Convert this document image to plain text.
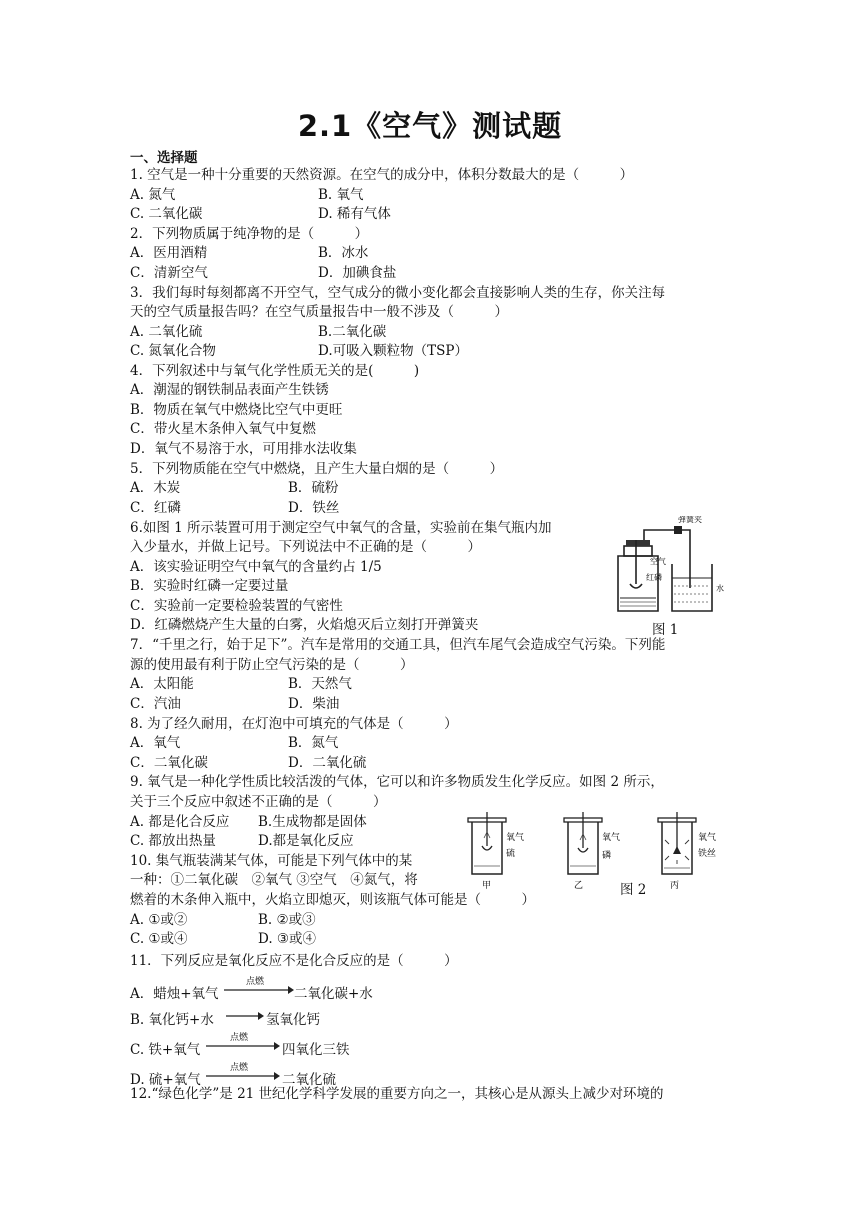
2.1《空气》测试题
一、选择题
1. 空气是一种十分重要的天然资源。在空气的成分中，体积分数最大的是（　　　）
A. 氮气	B. 氧气
C. 二氧化碳	D. 稀有气体
2．下列物质属于纯净物的是（　　　）
A．医用酒精	B．冰水
C．清新空气	D．加碘食盐
3．我们每时每刻都离不开空气，空气成分的微小变化都会直接影响人类的生存，你关注每
天的空气质量报告吗？在空气质量报告中一般不涉及（　　　）
A. 二氧化硫	B.二氧化碳
C. 氮氧化合物	D.可吸入颗粒物（TSP）
4．下列叙述中与氧气化学性质无关的是(　　　)
A．潮湿的钢铁制品表面产生铁锈
B．物质在氧气中燃烧比空气中更旺
C．带火星木条伸入氧气中复燃
D．氧气不易溶于水，可用排水法收集
5．下列物质能在空气中燃烧，且产生大量白烟的是（　　　）
A．木炭	B．硫粉
C．红磷	D．铁丝
6.如图 1 所示装置可用于测定空气中氧气的含量，实验前在集气瓶内加
入少量水，并做上记号。下列说法中不正确的是（　　　）
A．该实验证明空气中氧气的含量约占 1/5
B．实验时红磷一定要过量
C．实验前一定要检验装置的气密性
D．红磷燃烧产生大量的白雾，火焰熄灭后立刻打开弹簧夹
弹簧夹
空气
红磷
水
图 1
7．“千里之行，始于足下”。汽车是常用的交通工具，但汽车尾气会造成空气污染。下列能
源的使用最有利于防止空气污染的是（　　　）
A．太阳能	B．天然气
C．汽油	D．柴油
8. 为了经久耐用，在灯泡中可填充的气体是（　　　）
A．氧气	B．氮气
C．二氧化碳	D．二氧化硫
9. 氧气是一种化学性质比较活泼的气体，它可以和许多物质发生化学反应。如图 2 所示，
关于三个反应中叙述不正确的是（　　　）
A. 都是化合反应 B.生成物都是固体
C. 都放出热量	D.都是氧化反应	氧气
硫
甲
氧气
磷
乙
氧气
铁丝
丙
图 2
10. 集气瓶装满某气体，可能是下列气体中的某
一种：①二氧化碳　②氧气 ③空气　④氮气，将
燃着的木条伸入瓶中，火焰立即熄灭，则该瓶气体可能是（　　　）
A. ①或②	B. ②或③
C. ①或④	D. ③或④
11．下列反应是氧化反应不是化合反应的是（　　　）
A．蜡烛+氧气
点燃
二氧化碳+水
B. 氧化钙+水	氢氧化钙
C. 铁+氧气
点燃
四氧化三铁
D. 硫+氧气
点燃
二氧化硫
12.“绿色化学”是 21 世纪化学科学发展的重要方向之一，其核心是从源头上减少对环境的
